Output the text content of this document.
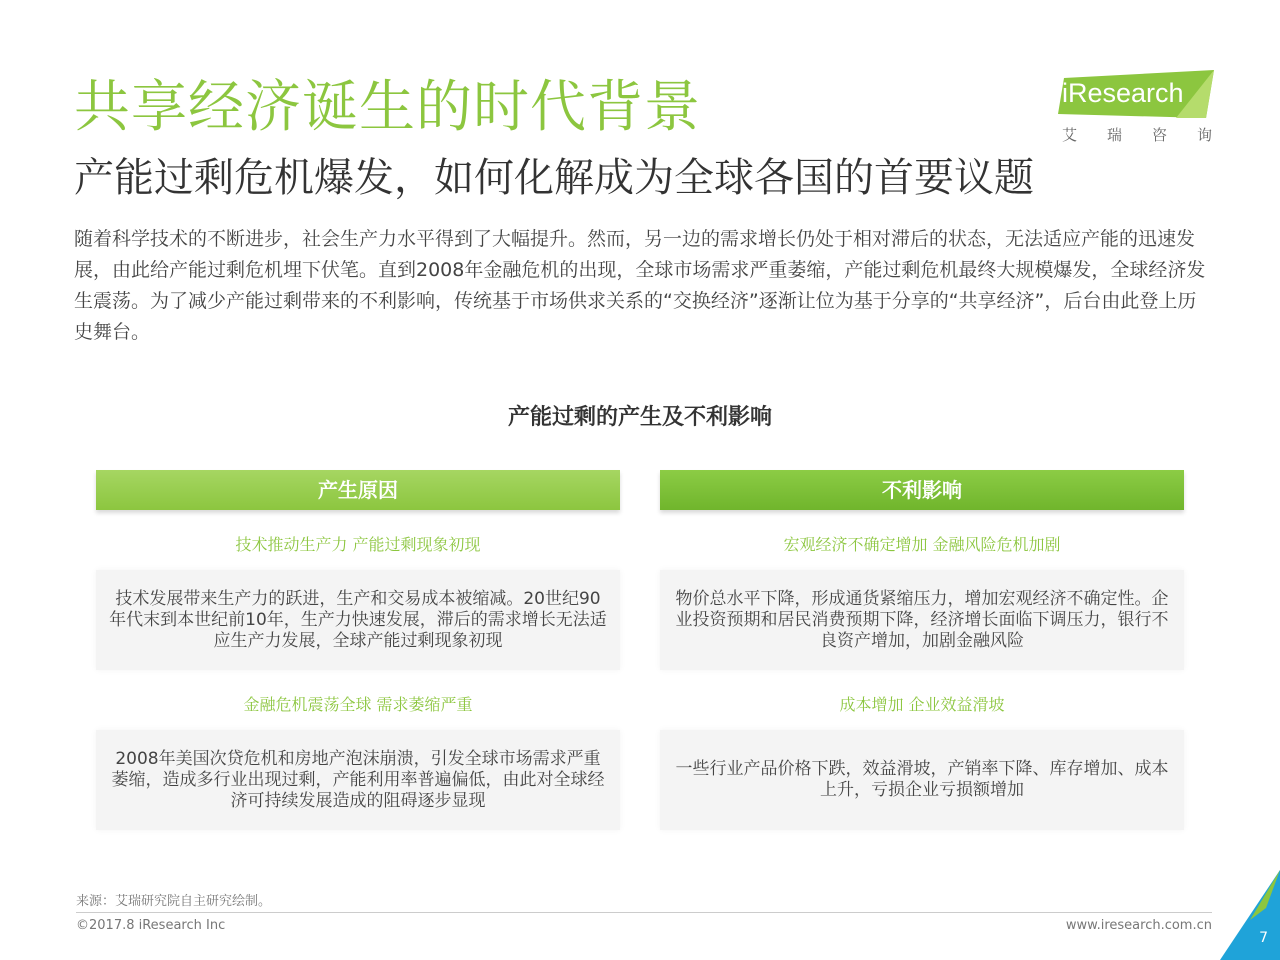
共享经济诞生的时代背景
产能过剩危机爆发，如何化解成为全球各国的首要议题
iResearch
艾 瑞 咨 询
随着科学技术的不断进步，社会生产力水平得到了大幅提升。然而，另一边的需求增长仍处于相对滞后的状态，无法适应产能的迅速发展，由此给产能过剩危机埋下伏笔。直到2008年金融危机的出现，全球市场需求严重萎缩，产能过剩危机最终大规模爆发，全球经济发生震荡。为了减少产能过剩带来的不利影响，传统基于市场供求关系的“交换经济”逐渐让位为基于分享的“共享经济”，后台由此登上历史舞台。
产能过剩的产生及不利影响
产生原因
技术推动生产力 产能过剩现象初现
技术发展带来生产力的跃进，生产和交易成本被缩减。20世纪90年代末到本世纪前10年，生产力快速发展，滞后的需求增长无法适应生产力发展，全球产能过剩现象初现
金融危机震荡全球 需求萎缩严重
2008年美国次贷危机和房地产泡沫崩溃，引发全球市场需求严重萎缩，造成多行业出现过剩，产能利用率普遍偏低，由此对全球经济可持续发展造成的阻碍逐步显现
不利影响
宏观经济不确定增加 金融风险危机加剧
物价总水平下降，形成通货紧缩压力，增加宏观经济不确定性。企业投资预期和居民消费预期下降，经济增长面临下调压力，银行不良资产增加，加剧金融风险
成本增加 企业效益滑坡
一些行业产品价格下跌，效益滑坡，产销率下降、库存增加、成本上升，亏损企业亏损额增加
来源：艾瑞研究院自主研究绘制。
©2017.8 iResearch Inc	www.iresearch.com.cn
7
